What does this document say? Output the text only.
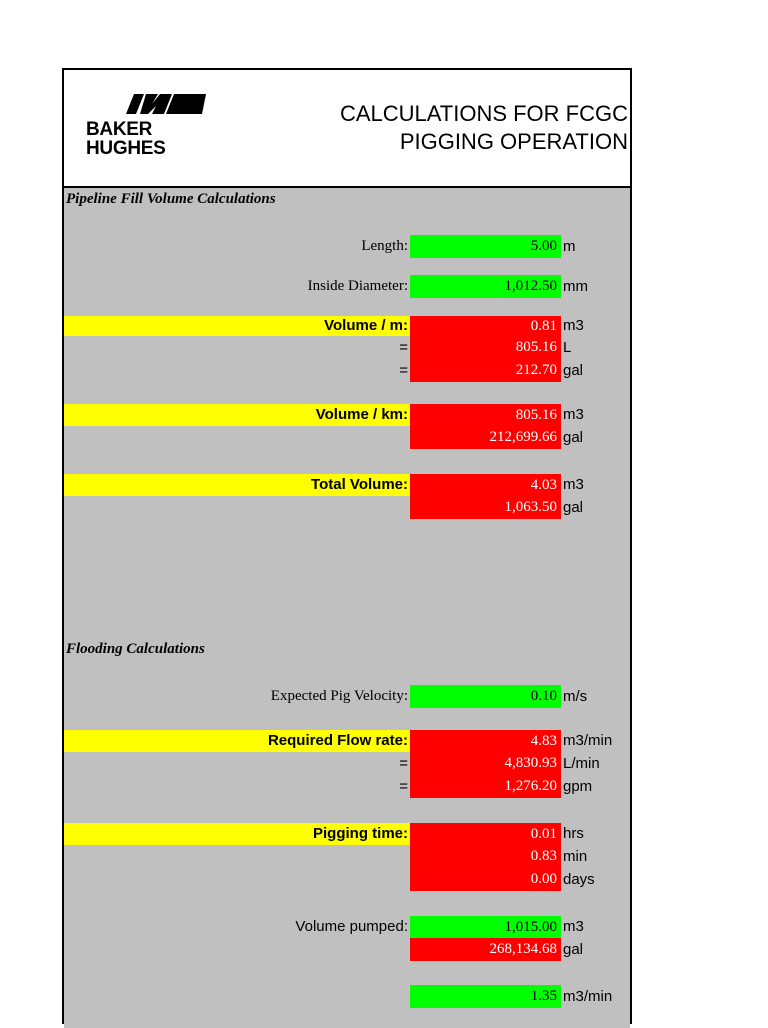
BAKER
HUGHES
CALCULATIONS FOR FCGC
PIGGING OPERATION
Pipeline Fill Volume Calculations
Length:	5.00 m
Inside Diameter:	1,012.50 mm
Volume / m:	0.81 m3
=	805.16 L
=	212.70 gal
Volume / km:	805.16 m3
212,699.66 gal
Total Volume:	4.03 m3
1,063.50 gal
Flooding Calculations
Expected Pig Velocity:	0.10 m/s
Required Flow rate:	4.83 m3/min
=	4,830.93 L/min
=	1,276.20 gpm
Pigging time:	0.01 hrs
0.83 min
0.00 days
Volume pumped:	1,015.00 m3
268,134.68 gal
1.35 m3/min
